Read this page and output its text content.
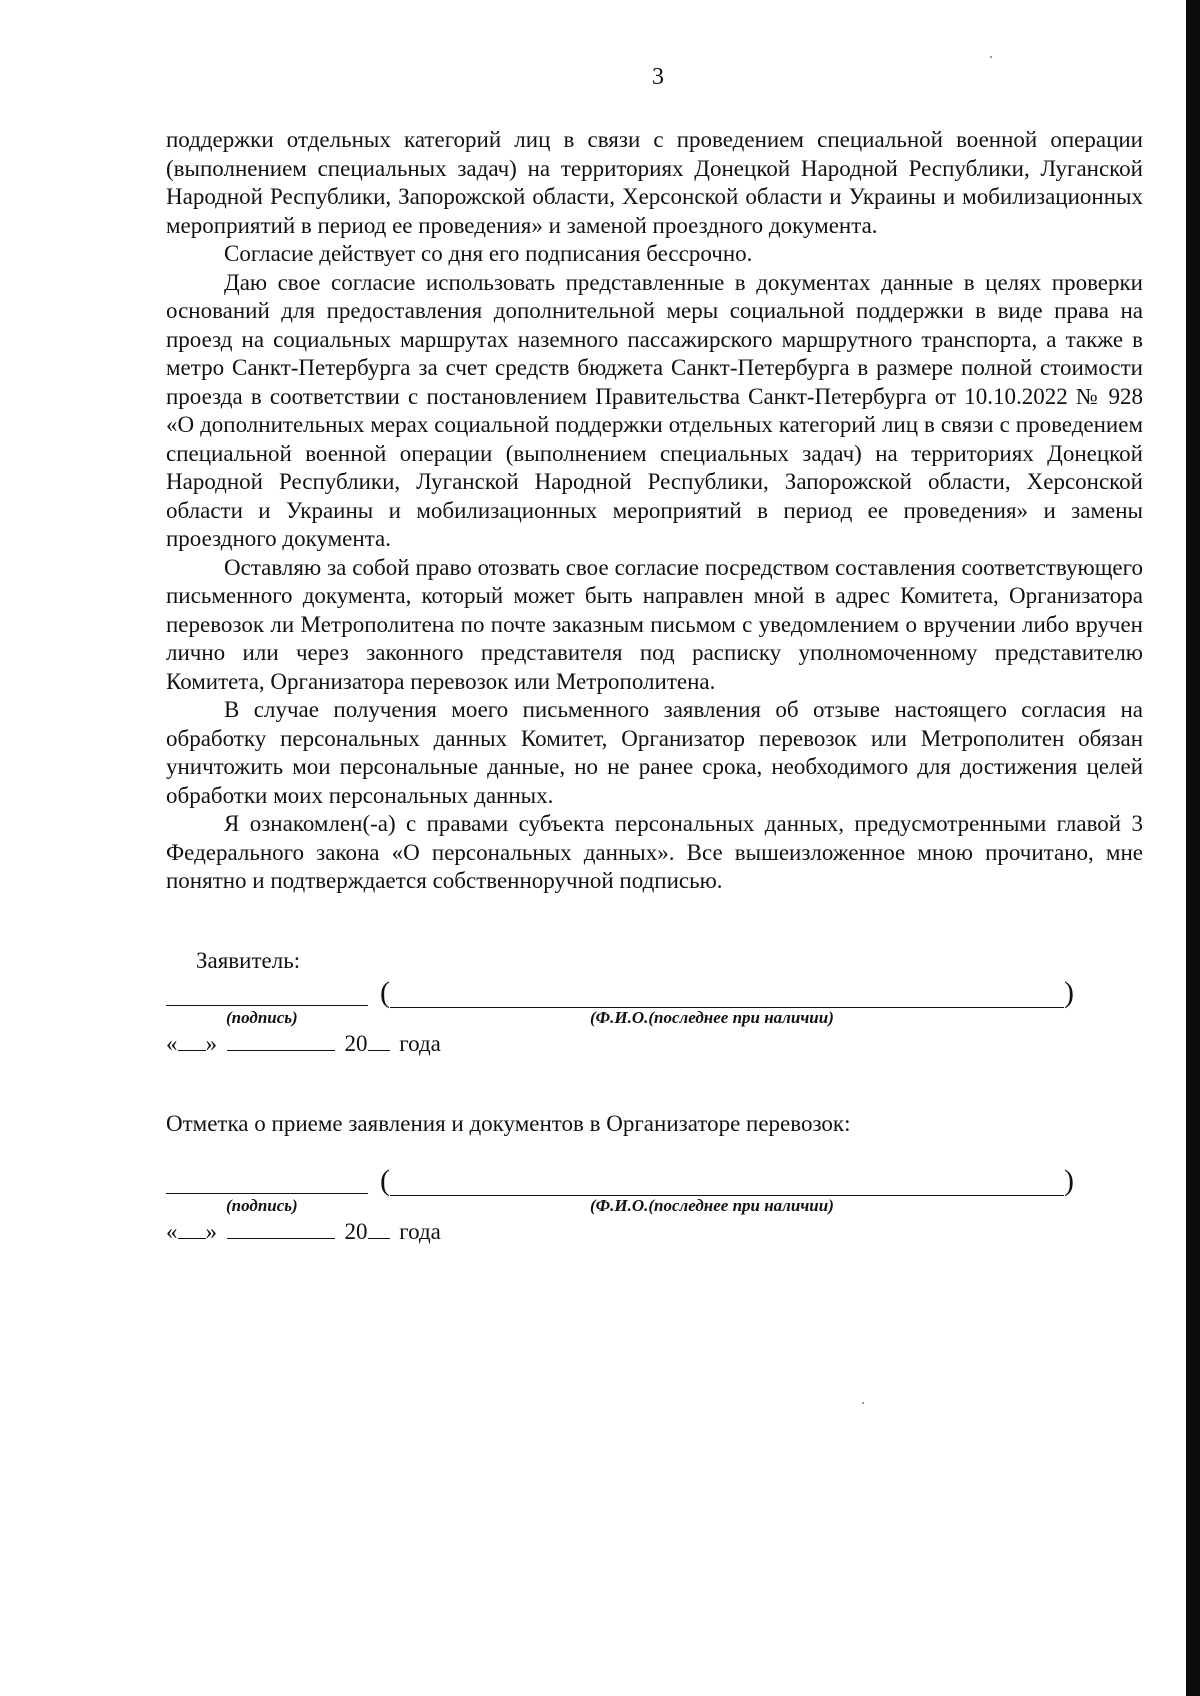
3

поддержки отдельных категорий лиц в связи с проведением специальной военной операции (выполнением специальных задач) на территориях Донецкой Народной Республики, Луганской Народной Республики, Запорожской области, Херсонской области и Украины и мобилизационных мероприятий в период ее проведения» и заменой проездного документа.

Согласие действует со дня его подписания бессрочно.

Даю свое согласие использовать представленные в документах данные в целях проверки оснований для предоставления дополнительной меры социальной поддержки в виде права на проезд на социальных маршрутах наземного пассажирского маршрутного транспорта, а также в метро Санкт-Петербурга за счет средств бюджета Санкт-Петербурга в размере полной стоимости проезда в соответствии с постановлением Правительства Санкт-Петербурга от 10.10.2022 № 928 «О дополнительных мерах социальной поддержки отдельных категорий лиц в связи с проведением специальной военной операции (выполнением специальных задач) на территориях Донецкой Народной Республики, Луганской Народной Республики, Запорожской области, Херсонской области и Украины и мобилизационных мероприятий в период ее проведения» и замены проездного документа.

Оставляю за собой право отозвать свое согласие посредством составления соответствующего письменного документа, который может быть направлен мной в адрес Комитета, Организатора перевозок ли Метрополитена по почте заказным письмом с уведомлением о вручении либо вручен лично или через законного представителя под расписку уполномоченному представителю Комитета, Организатора перевозок или Метрополитена.

В случае получения моего письменного заявления об отзыве настоящего согласия на обработку персональных данных Комитет, Организатор перевозок или Метрополитен обязан уничтожить мои персональные данные, но не ранее срока, необходимого для достижения целей обработки моих персональных данных.

Я ознакомлен(-а) с правами субъекта персональных данных, предусмотренными главой 3 Федерального закона «О персональных данных». Все вышеизложенное мною прочитано, мне понятно и подтверждается собственноручной подписью.

Заявитель:
(	)
(подпись)	(Ф.И.О.(последнее при наличии)
« »	20 года
Отметка о приеме заявления и документов в Организаторе перевозок:
(	)
(подпись)	(Ф.И.О.(последнее при наличии)
« »	20 года
